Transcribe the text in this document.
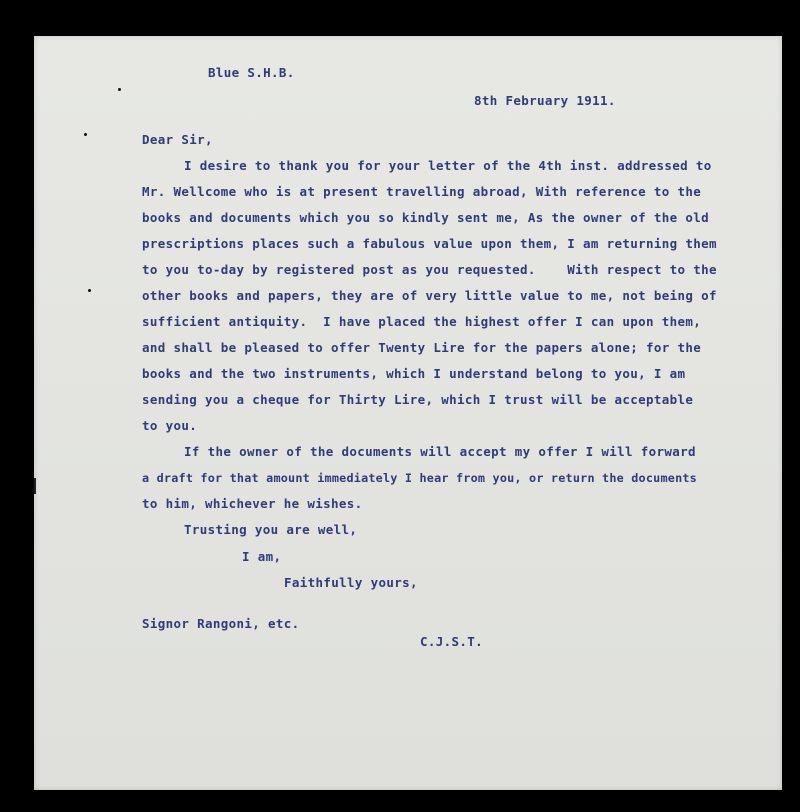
Blue S.H.B.
8th February 1911.
Dear Sir,
I desire to thank you for your letter of the 4th inst. addressed to
Mr. Wellcome who is at present travelling abroad, With reference to the
books and documents which you so kindly sent me, As the owner of the old
prescriptions places such a fabulous value upon them, I am returning them
to you to-day by registered post as you requested.    With respect to the
other books and papers, they are of very little value to me, not being of
sufficient antiquity.  I have placed the highest offer I can upon them,
and shall be pleased to offer Twenty Lire for the papers alone; for the
books and the two instruments, which I understand belong to you, I am
sending you a cheque for Thirty Lire, which I trust will be acceptable
to you.
If the owner of the documents will accept my offer I will forward
a draft for that amount immediately I hear from you, or return the documents
to him, whichever he wishes.
Trusting you are well,
I am,
Faithfully yours,
Signor Rangoni, etc.
C.J.S.T.
